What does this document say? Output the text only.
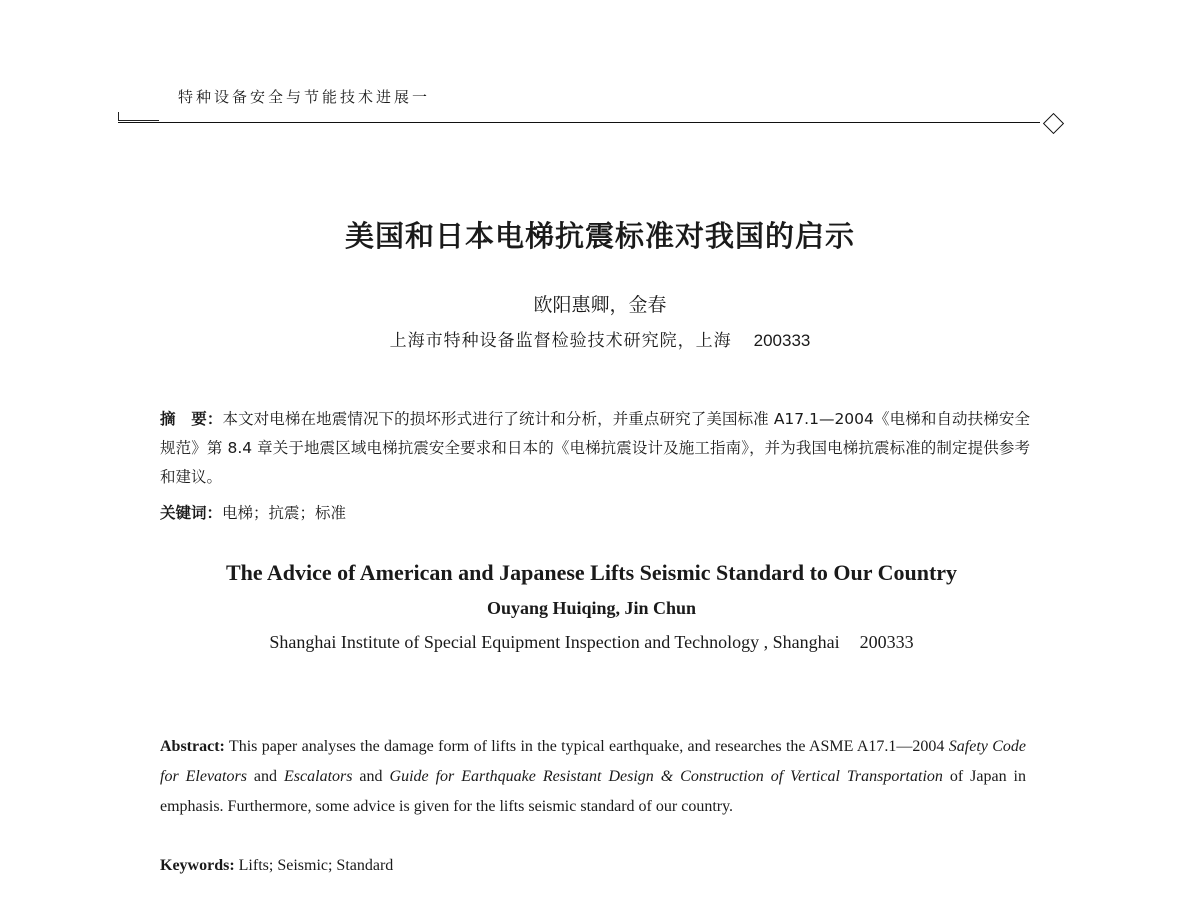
特种设备安全与节能技术进展一
美国和日本电梯抗震标准对我国的启示
欧阳惠卿，金春
上海市特种设备监督检验技术研究院，上海 200333
摘　要：本文对电梯在地震情况下的损坏形式进行了统计和分析，并重点研究了美国标准 A17.1—2004《电梯和自动扶梯安全规范》第 8.4 章关于地震区域电梯抗震安全要求和日本的《电梯抗震设计及施工指南》，并为我国电梯抗震标准的制定提供参考和建议。
关键词：电梯；抗震；标准
The Advice of American and Japanese Lifts Seismic Standard to Our Country
Ouyang Huiqing, Jin Chun
Shanghai Institute of Special Equipment Inspection and Technology , Shanghai 200333
Abstract: This paper analyses the damage form of lifts in the typical earthquake, and researches the ASME A17.1—2004 Safety Code for Elevators and Escalators and Guide for Earthquake Resistant Design & Construction of Vertical Transportation of Japan in emphasis. Furthermore, some advice is given for the lifts seismic standard of our country.
Keywords: Lifts; Seismic; Standard
